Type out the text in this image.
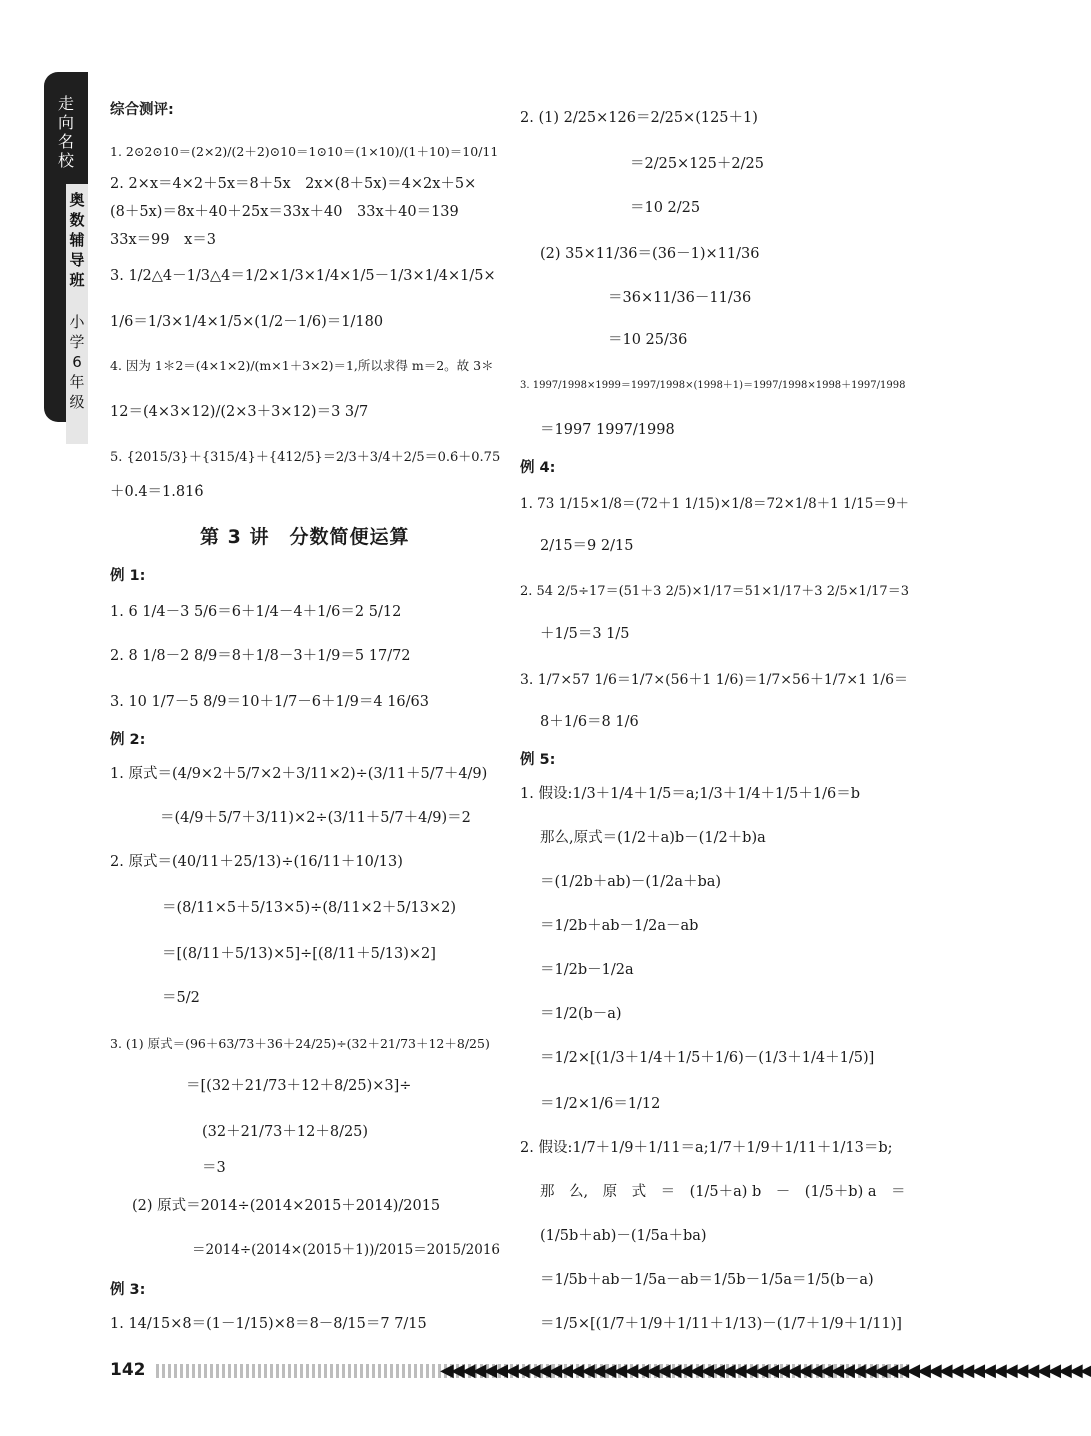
走向名校
奥数辅导班
小学6年级
综合测评:
1. 2⊙2⊙10＝(2×2)/(2＋2)⊙10＝1⊙10＝(1×10)/(1＋10)＝10/11
2. 2×x＝4×2＋5x＝8＋5x　2x×(8＋5x)＝4×2x＋5×
(8＋5x)＝8x＋40＋25x＝33x＋40　33x＋40＝139
33x＝99　x＝3
3. 1/2△4－1/3△4＝1/2×1/3×1/4×1/5－1/3×1/4×1/5×
1/6＝1/3×1/4×1/5×(1/2－1/6)＝1/180
4. 因为 1＊2＝(4×1×2)/(m×1＋3×2)＝1,所以求得 m＝2。故 3＊
12＝(4×3×12)/(2×3＋3×12)＝3 3/7
5. {2015/3}＋{315/4}＋{412/5}＝2/3＋3/4＋2/5＝0.6̇＋0.75
＋0.4＝1.816̇
例 1:
1. 6 1/4－3 5/6＝6＋1/4－4＋1/6＝2 5/12
2. 8 1/8－2 8/9＝8＋1/8－3＋1/9＝5 17/72
3. 10 1/7－5 8/9＝10＋1/7－6＋1/9＝4 16/63
例 2:
1. 原式＝(4/9×2＋5/7×2＋3/11×2)÷(3/11＋5/7＋4/9)
＝(4/9＋5/7＋3/11)×2÷(3/11＋5/7＋4/9)＝2
2. 原式＝(40/11＋25/13)÷(16/11＋10/13)
＝(8/11×5＋5/13×5)÷(8/11×2＋5/13×2)
＝[(8/11＋5/13)×5]÷[(8/11＋5/13)×2]
＝5/2
3. (1) 原式＝(96＋63/73＋36＋24/25)÷(32＋21/73＋12＋8/25)
＝[(32＋21/73＋12＋8/25)×3]÷
(32＋21/73＋12＋8/25)
＝3
(2) 原式＝2014÷(2014×2015＋2014)/2015
＝2014÷(2014×(2015＋1))/2015＝2015/2016
例 3:
1. 14/15×8＝(1－1/15)×8＝8－8/15＝7 7/15
第 3 讲　分数简便运算
2. (1) 2/25×126＝2/25×(125＋1)
＝2/25×125＋2/25
＝10 2/25
(2) 35×11/36＝(36－1)×11/36
＝36×11/36－11/36
＝10 25/36
3. 1997/1998×1999＝1997/1998×(1998＋1)＝1997/1998×1998＋1997/1998
＝1997 1997/1998
例 4:
1. 73 1/15×1/8＝(72＋1 1/15)×1/8＝72×1/8＋1 1/15＝9＋
2/15＝9 2/15
2. 54 2/5÷17＝(51＋3 2/5)×1/17＝51×1/17＋3 2/5×1/17＝3
＋1/5＝3 1/5
3. 1/7×57 1/6＝1/7×(56＋1 1/6)＝1/7×56＋1/7×1 1/6＝
8＋1/6＝8 1/6
例 5:
1. 假设:1/3＋1/4＋1/5＝a;1/3＋1/4＋1/5＋1/6＝b
那么,原式＝(1/2＋a)b－(1/2＋b)a
＝(1/2b＋ab)－(1/2a＋ba)
＝1/2b＋ab－1/2a－ab
＝1/2b－1/2a
＝1/2(b－a)
＝1/2×[(1/3＋1/4＋1/5＋1/6)－(1/3＋1/4＋1/5)]
＝1/2×1/6＝1/12
2. 假设:1/7＋1/9＋1/11＝a;1/7＋1/9＋1/11＋1/13＝b;
那　么,　原　式　＝　(1/5＋a) b　－　(1/5＋b) a　＝
(1/5b＋ab)－(1/5a＋ba)
＝1/5b＋ab－1/5a－ab＝1/5b－1/5a＝1/5(b－a)
＝1/5×[(1/7＋1/9＋1/11＋1/13)－(1/7＋1/9＋1/11)]
142	◀◀◀◀◀◀◀◀◀◀◀◀◀◀◀◀◀◀◀◀◀◀◀◀◀◀◀◀◀◀◀◀◀◀◀◀◀◀◀◀◀◀◀◀◀◀◀◀◀◀◀◀◀◀◀◀◀◀◀◀
